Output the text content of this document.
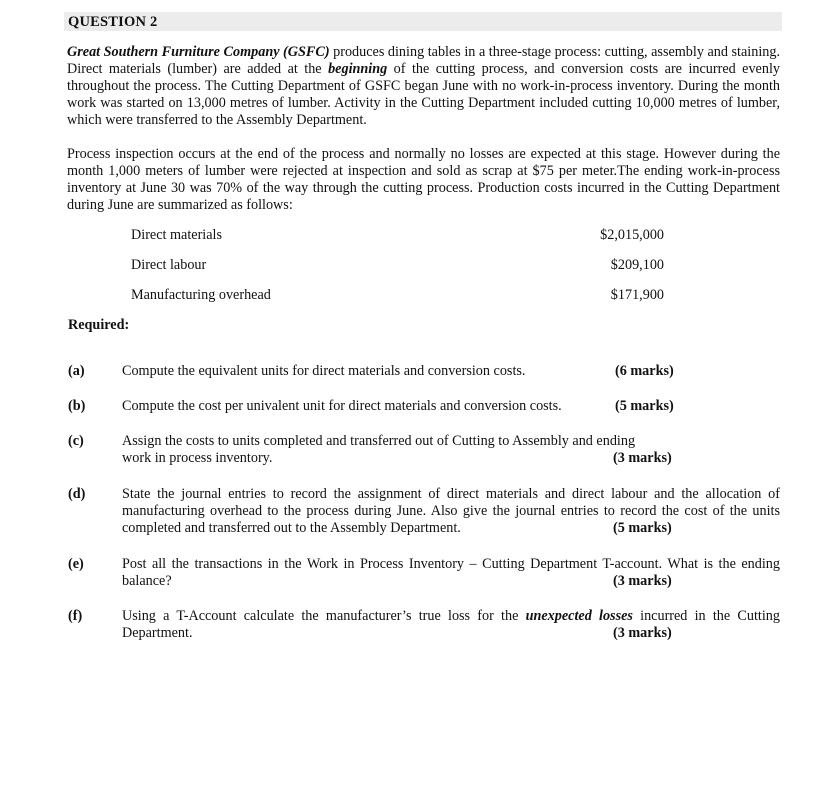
QUESTION 2

Great Southern Furniture Company (GSFC) produces dining tables in a three-stage process: cutting, assembly and staining. Direct materials (lumber) are added at the beginning of the cutting process, and conversion costs are incurred evenly throughout the process. The Cutting Department of GSFC began June with no work-in-process inventory. During the month work was started on 13,000 metres of lumber. Activity in the Cutting Department included cutting 10,000 metres of lumber, which were transferred to the Assembly Department.

Process inspection occurs at the end of the process and normally no losses are expected at this stage. However during the month 1,000 meters of lumber were rejected at inspection and sold as scrap at $75 per meter.The ending work-in-process inventory at June 30 was 70% of the way through the cutting process. Production costs incurred in the Cutting Department during June are summarized as follows:

Direct materials	$2,015,000
Direct labour	$209,100
Manufacturing overhead	$171,900
Required:
(a)	Compute the equivalent units for direct materials and conversion costs.	(6 marks)
(b)	Compute the cost per univalent unit for direct materials and conversion costs.	(5 marks)
(c)	Assign the costs to units completed and transferred out of Cutting to Assembly and ending work in process inventory.	(3 marks)
(d)	State the journal entries to record the assignment of direct materials and direct labour and the allocation of manufacturing overhead to the process during June. Also give the journal entries to record the cost of the units completed and transferred out to the Assembly Department.	(5 marks)
(e)	Post all the transactions in the Work in Process Inventory – Cutting Department T-account. What is the ending balance?	(3 marks)
(f)	Using a T-Account calculate the manufacturer’s true loss for the unexpected losses incurred in the Cutting Department.	(3 marks)
